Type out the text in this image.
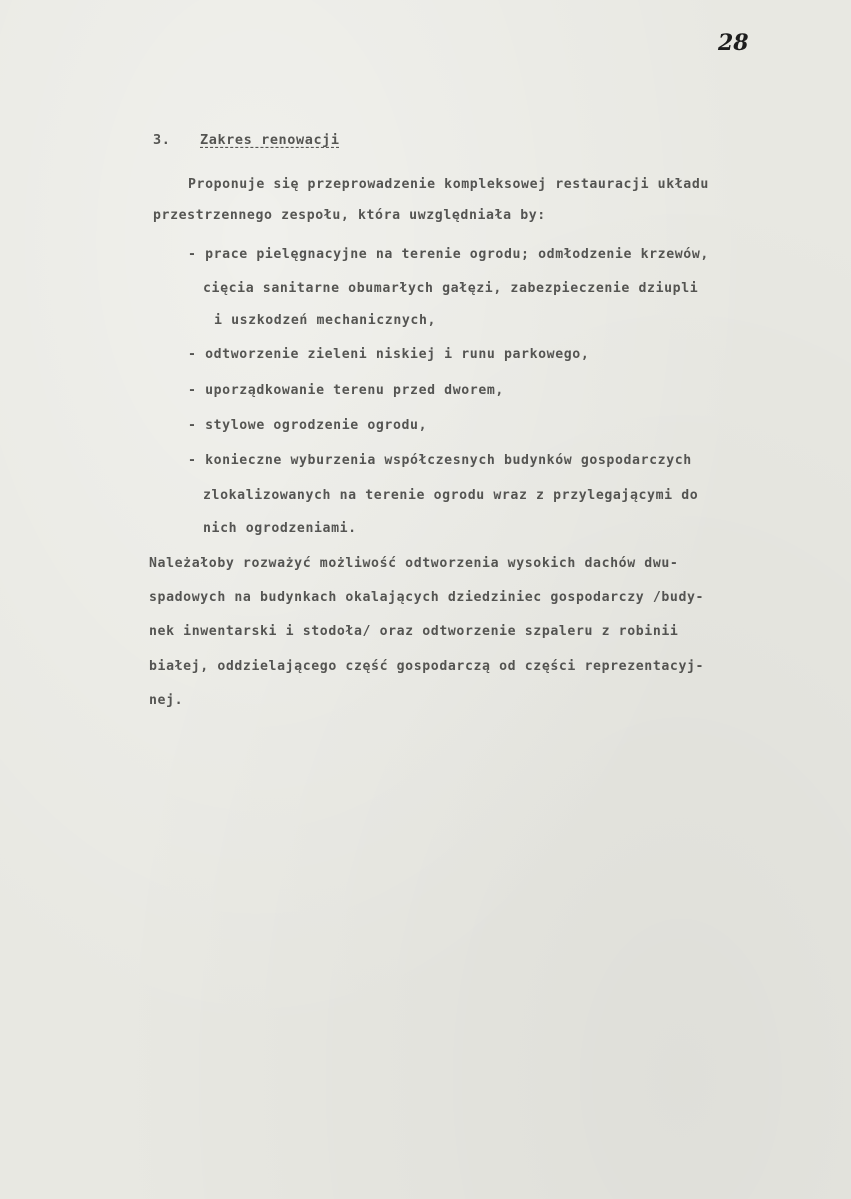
28
3. Zakres renowacji
Proponuje się przeprowadzenie kompleksowej restauracji układu
przestrzennego zespołu, która uwzględniała by:
- prace pielęgnacyjne na terenie ogrodu; odmłodzenie krzewów,
cięcia sanitarne obumarłych gałęzi, zabezpieczenie dziupli
i uszkodzeń mechanicznych,
- odtworzenie zieleni niskiej i runu parkowego,
- uporządkowanie terenu przed dworem,
- stylowe ogrodzenie ogrodu,
- konieczne wyburzenia współczesnych budynków gospodarczych
zlokalizowanych na terenie ogrodu wraz z przylegającymi do
nich ogrodzeniami.
Należałoby rozważyć możliwość odtworzenia wysokich dachów dwu-
spadowych na budynkach okalających dziedziniec gospodarczy /budy-
nek inwentarski i stodoła/ oraz odtworzenie szpaleru z robinii
białej, oddzielającego część gospodarczą od części reprezentacyj-
nej.
